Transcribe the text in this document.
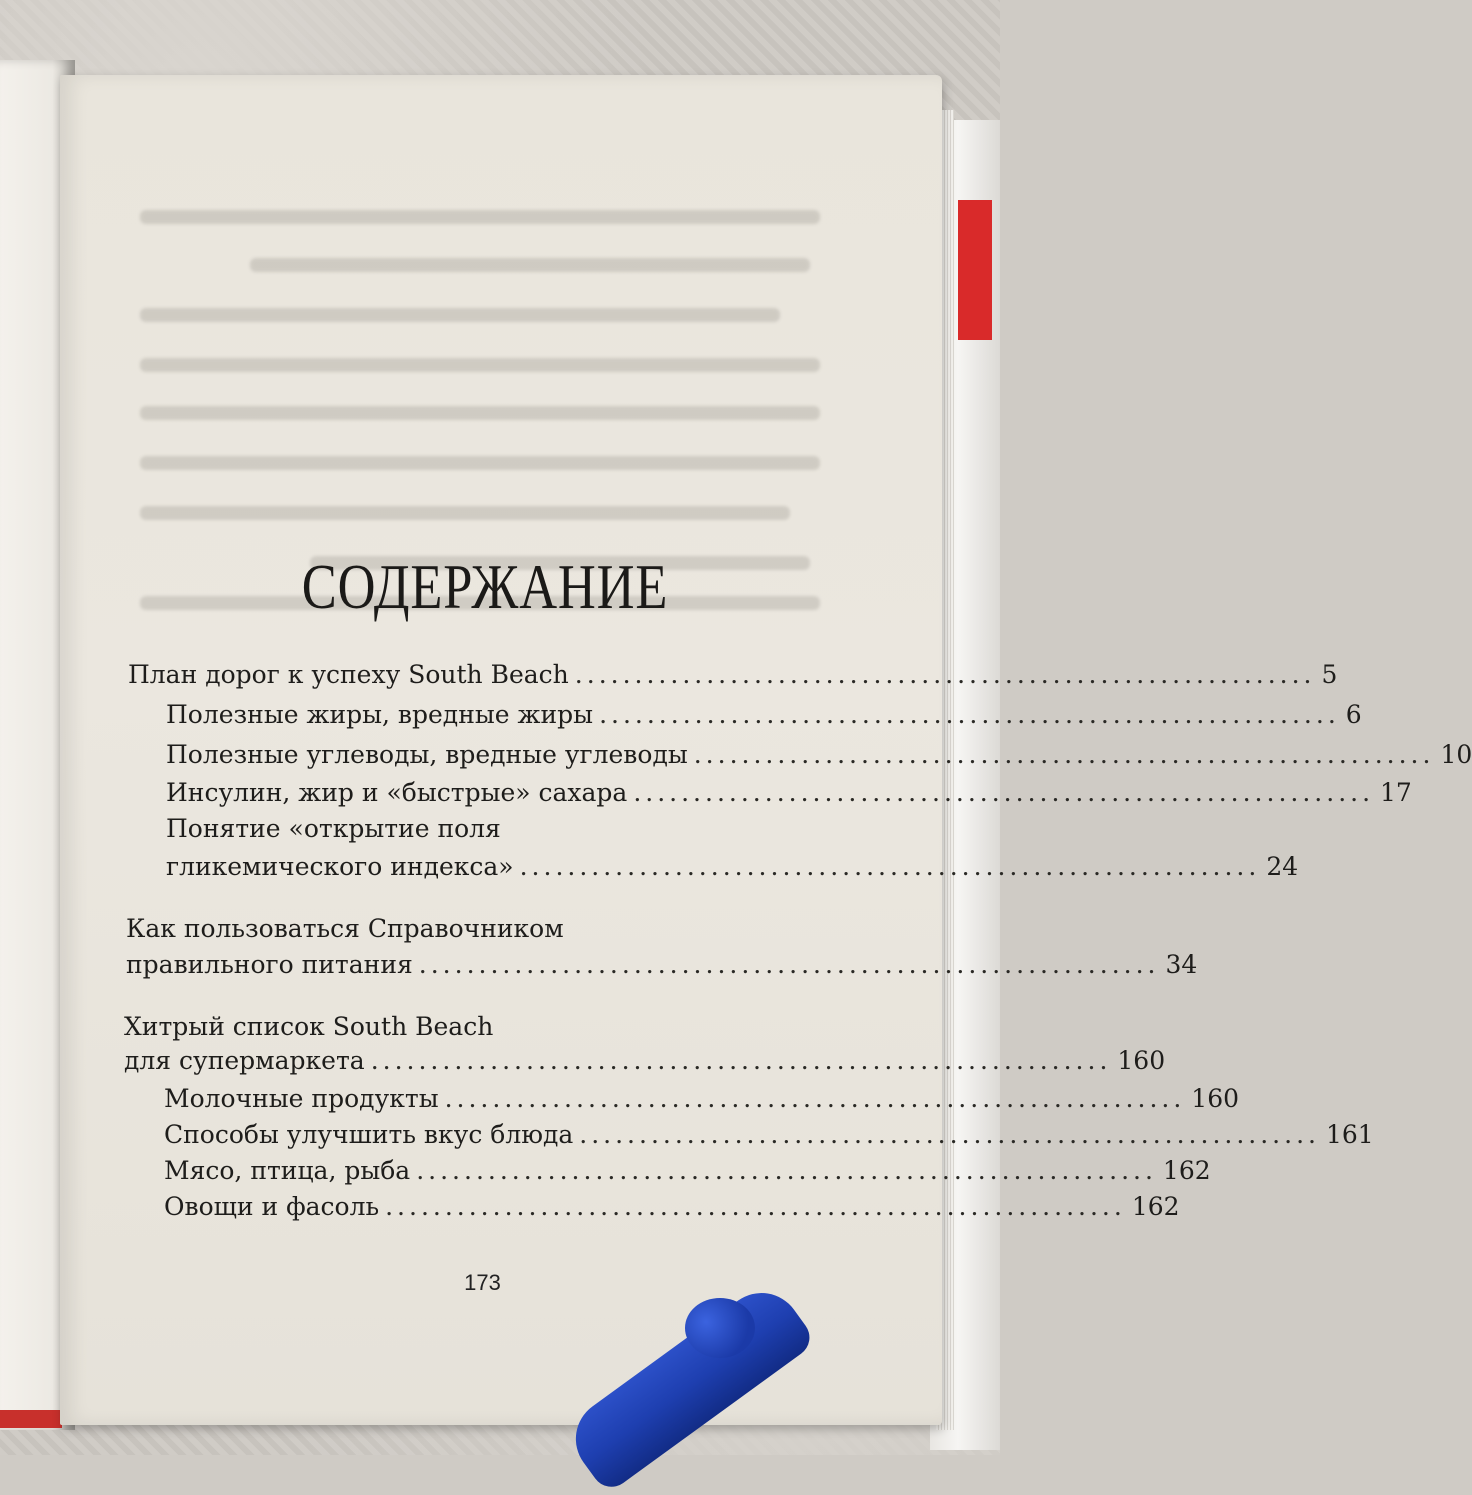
СОДЕРЖАНИЕ
План дорог к успеху South Beach .............................................................. 5
Полезные жиры, вредные жиры .............................................................. 6
Полезные углеводы, вредные углеводы .............................................................. 10
Инсулин, жир и «быстрые» сахара .............................................................. 17
Понятие «открытие поля
гликемического индекса» .............................................................. 24
Как пользоваться Справочником
правильного питания .............................................................. 34
Хитрый список South Beach
для супермаркета .............................................................. 160
Молочные продукты .............................................................. 160
Способы улучшить вкус блюда .............................................................. 161
Мясо, птица, рыба .............................................................. 162
Овощи и фасоль .............................................................. 162
173
